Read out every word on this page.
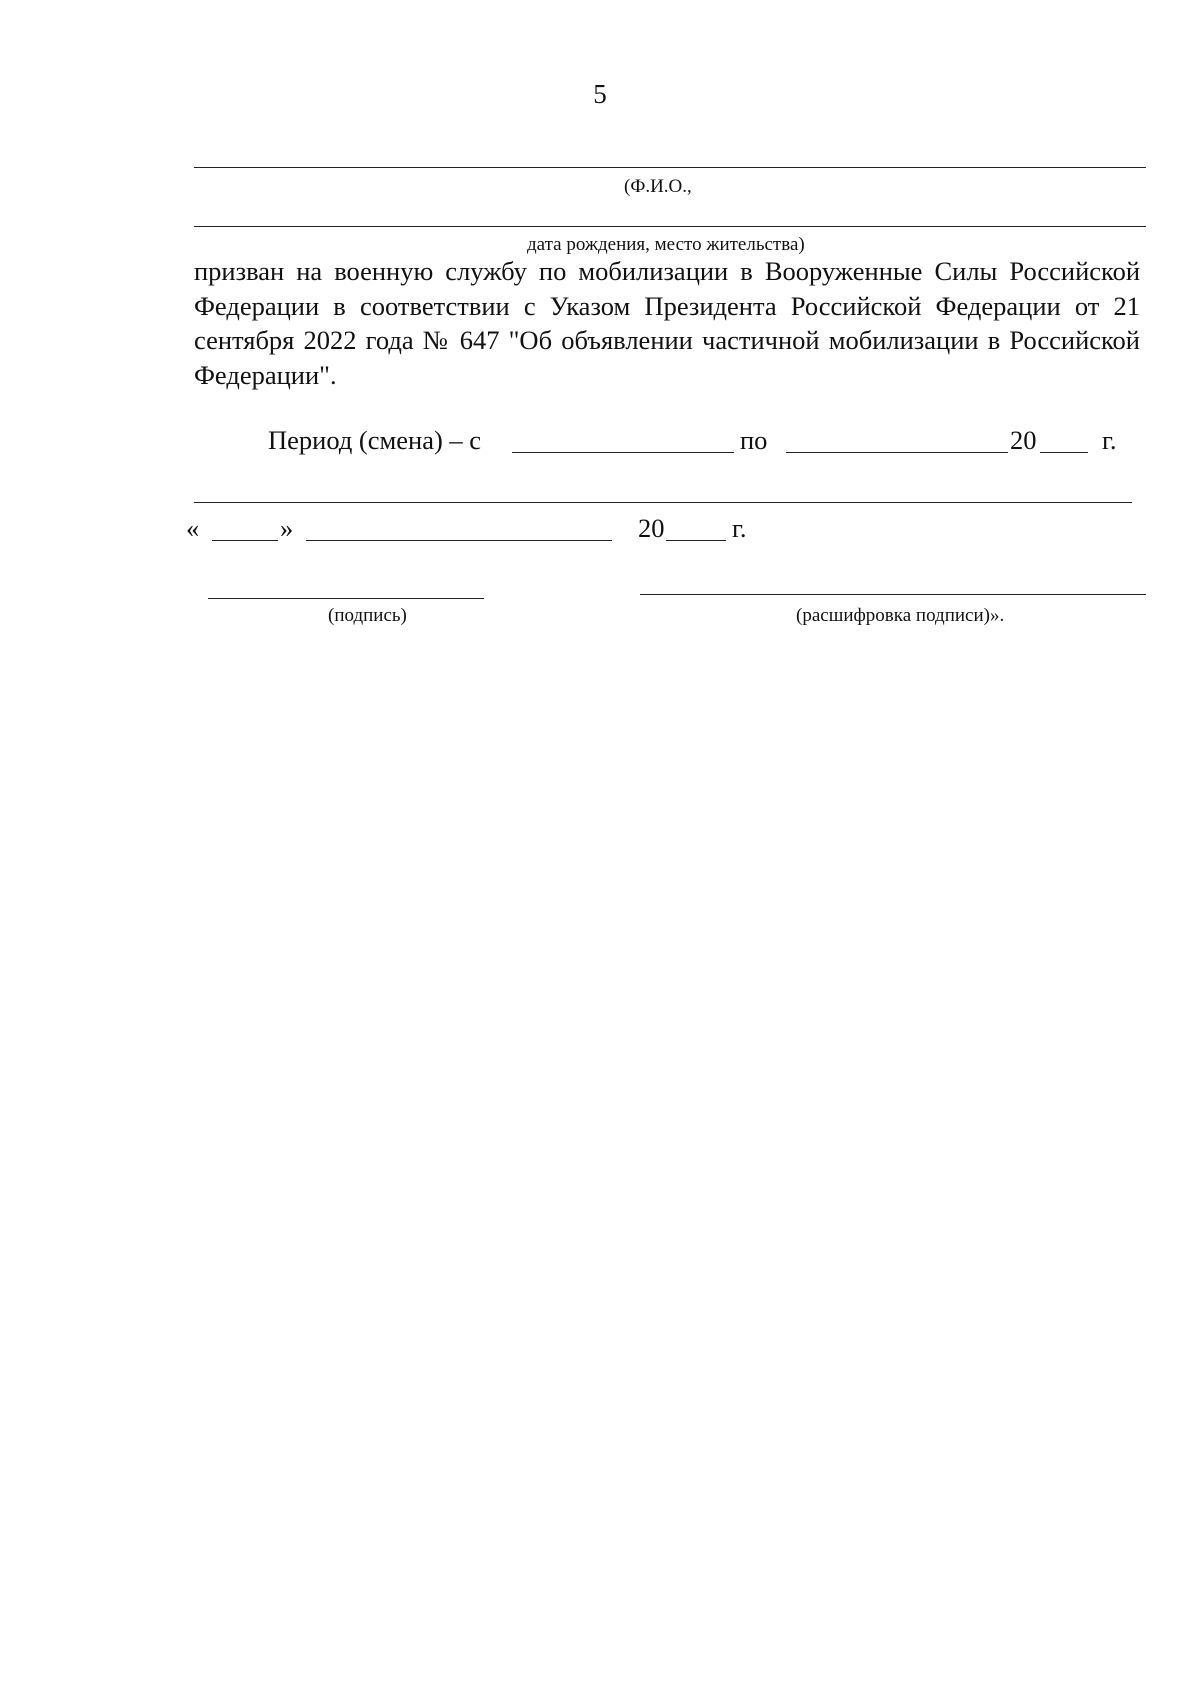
5
(Ф.И.О.,
дата рождения, место жительства)
призван на военную службу по мобилизации в Вооруженные Силы Российской Федерации в соответствии с Указом Президента Российской Федерации от 21 сентября 2022 года № 647 "Об объявлении частичной мобилизации в Российской Федерации".
Период (смена) – с	по	20 г.
«	»	20	г.
(подпись)	(расшифровка подписи)».
